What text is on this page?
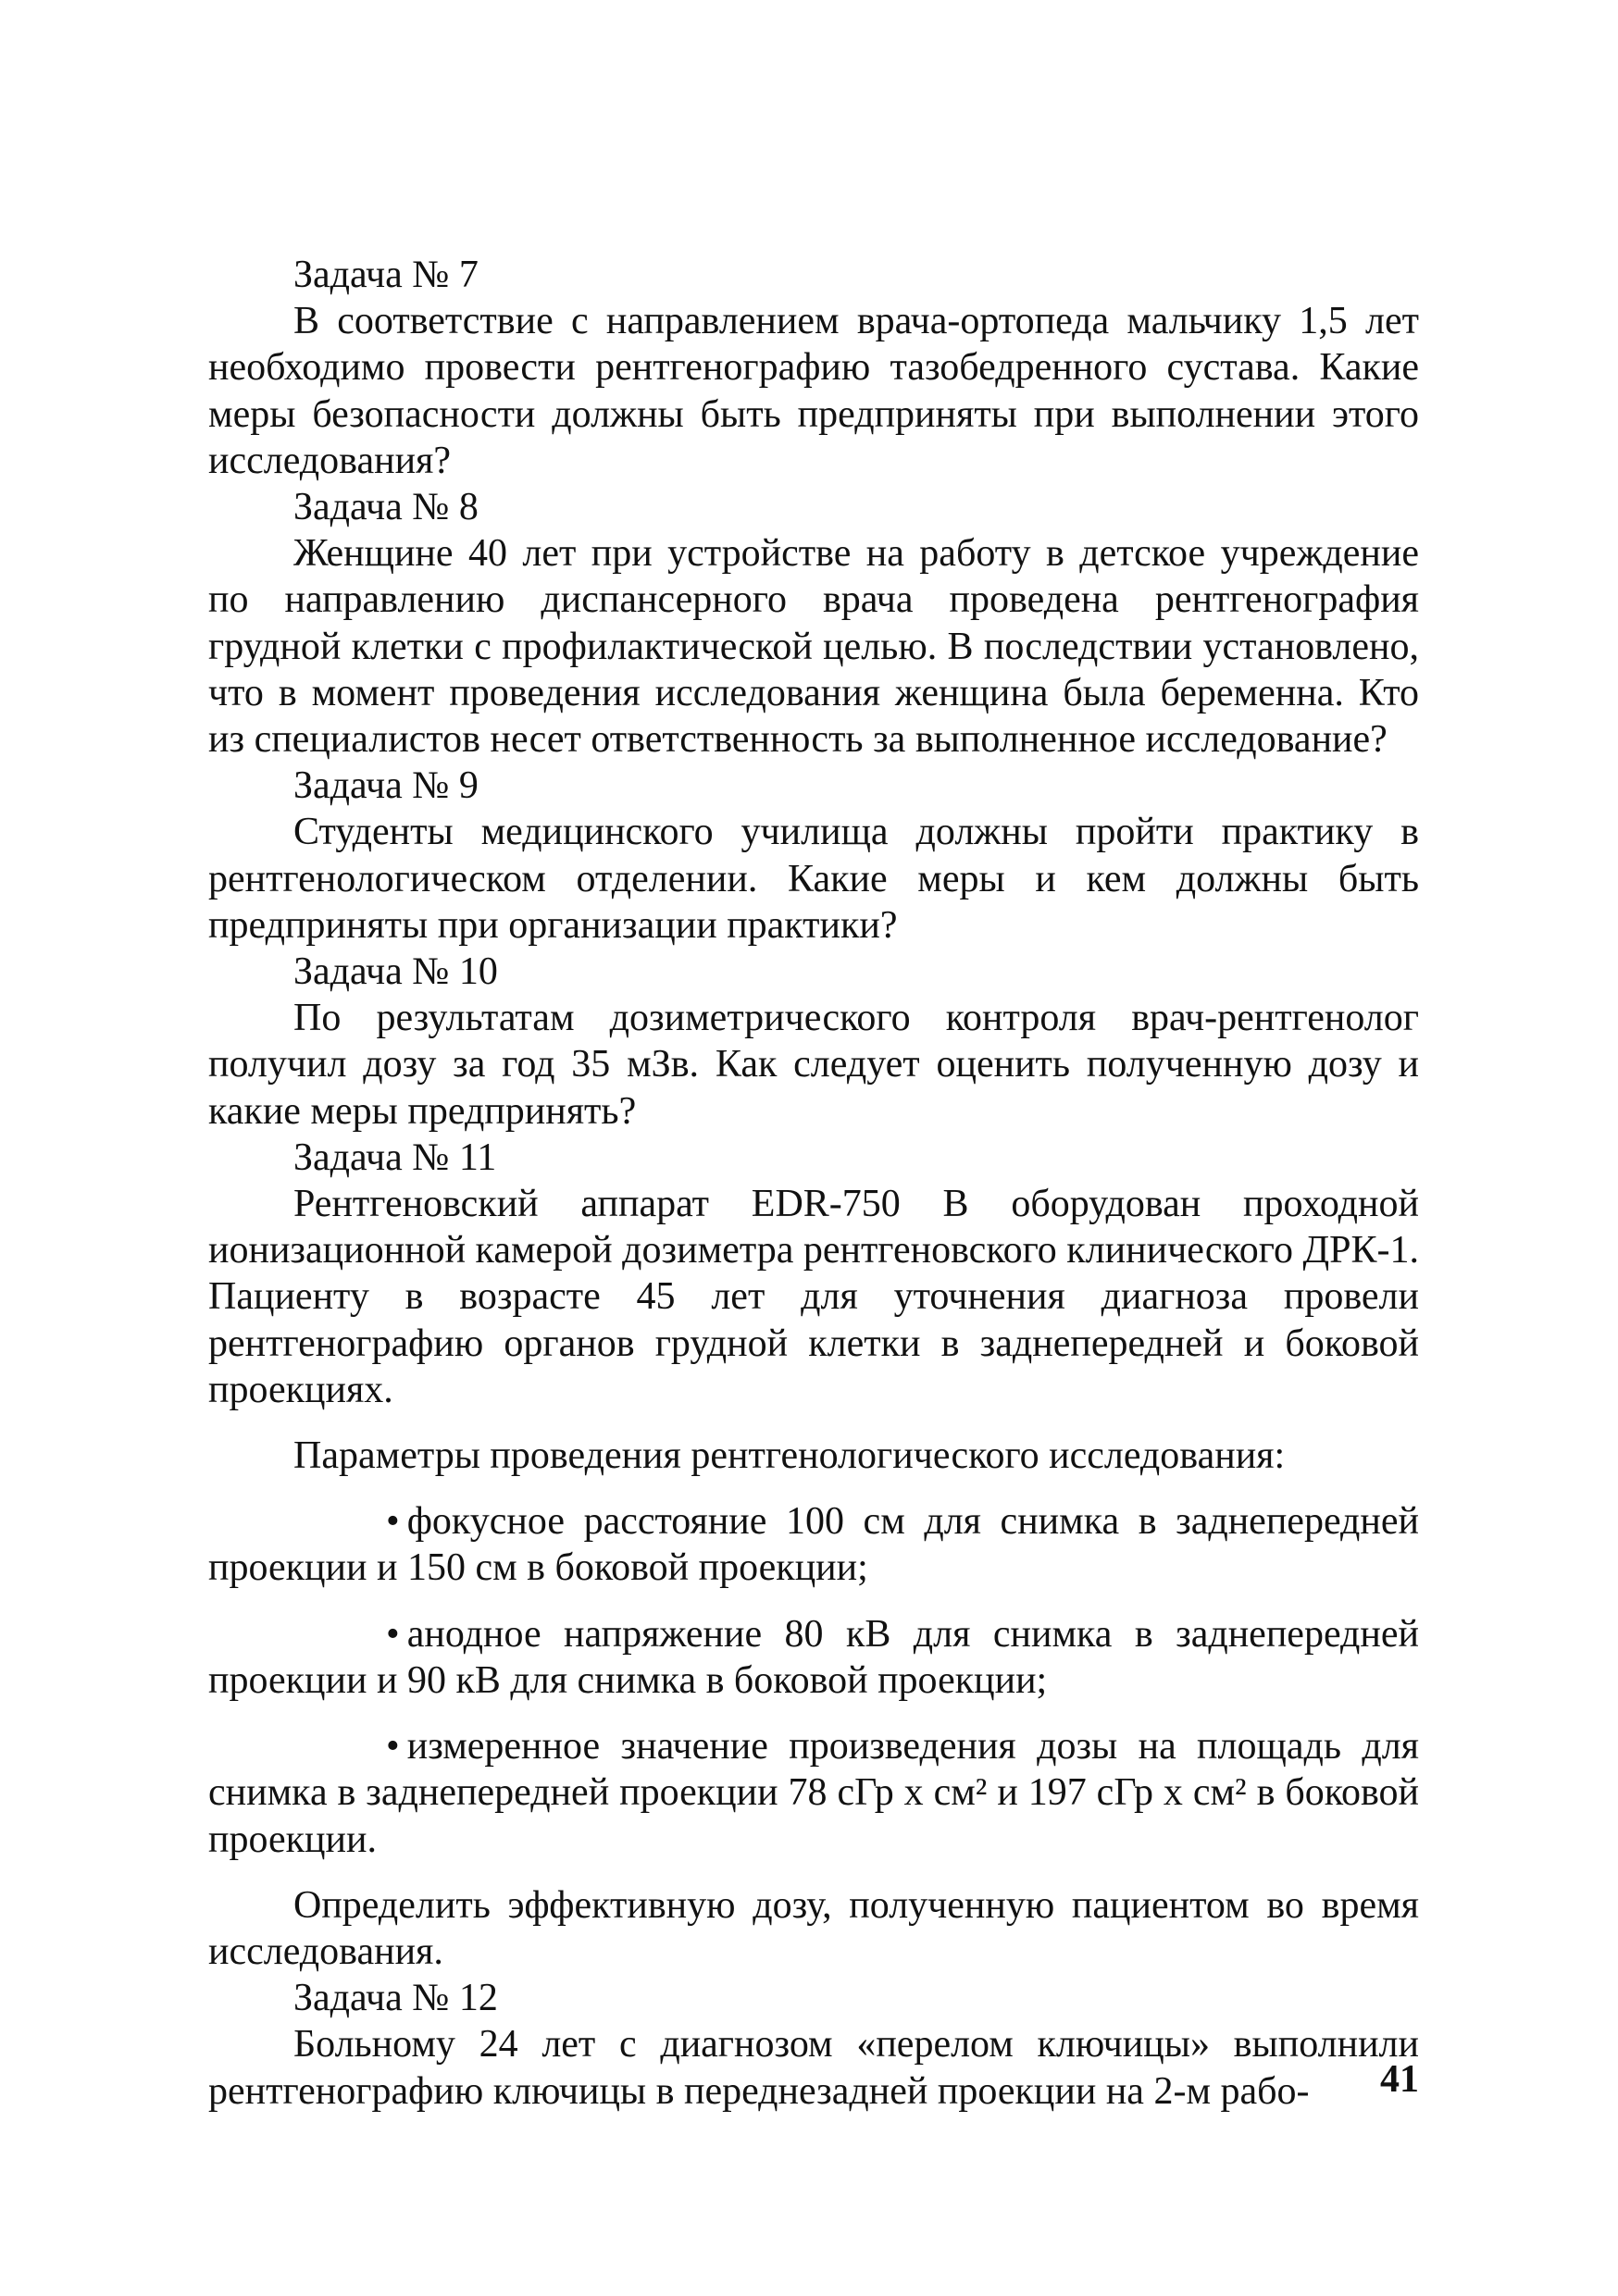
Задача № 7

В соответствие с направлением врача-ортопеда мальчику 1,5 лет необходимо провести рентгенографию тазобедренного сустава. Какие меры безопасности должны быть предприняты при выполнении этого исследования?

Задача № 8

Женщине 40 лет при устройстве на работу в детское учреждение по направлению диспансерного врача проведена рентгенография грудной клетки с профилактической целью. В последствии установлено, что в момент проведения исследования женщина была беременна. Кто из специалистов несет ответственность за выполненное исследование?

Задача № 9

Студенты медицинского училища должны пройти практику в рентгенологическом отделении. Какие меры и кем должны быть предприняты при организации практики?

Задача № 10

По результатам дозиметрического контроля врач-рентгенолог получил дозу за год 35 мЗв. Как следует оценить полученную дозу и какие меры предпринять?

Задача № 11

Рентгеновский аппарат EDR-750 В оборудован проходной ионизационной камерой дозиметра рентгеновского клинического ДРК-1. Пациенту в возрасте 45 лет для уточнения диагноза провели рентгенографию органов грудной клетки в заднепередней и боковой проекциях.

Параметры проведения рентгенологического исследования:

• фокусное расстояние 100 см для снимка в заднепередней проекции и 150 см в боковой проекции;

• анодное напряжение 80 кВ для снимка в заднепередней проекции и 90 кВ для снимка в боковой проекции;

• измеренное значение произведения дозы на площадь для снимка в заднепередней проекции 78 сГр х см² и 197 сГр х см² в боковой проекции.

Определить эффективную дозу, полученную пациентом во время исследования.

Задача № 12

Больному 24 лет с диагнозом «перелом ключицы» выполнили рентгенографию ключицы в переднезадней проекции на 2-м рабо-	41
